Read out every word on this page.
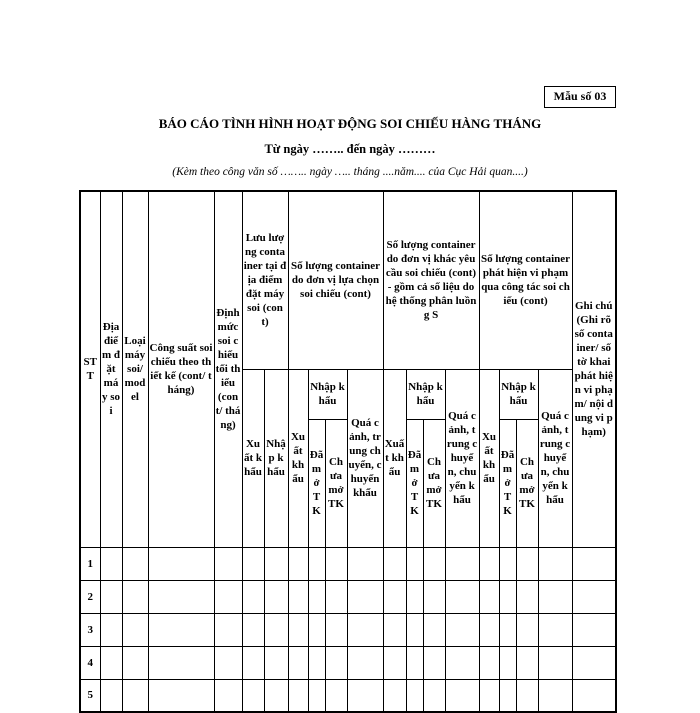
Mẫu số 03
BÁO CÁO TÌNH HÌNH HOẠT ĐỘNG SOI CHIẾU HÀNG THÁNG
Từ ngày …….. đến ngày ………
(Kèm theo công văn số …….. ngày ….. tháng ....năm.... của Cục Hải quan....)
STT	Địa điểm đặt máy soi	Loại máy soi/ model	Công suất soi chiếu theo thiết kế (cont/ tháng)	Định mức soi chiếu tối thiểu (cont/ tháng)	Lưu lượng container tại địa điểm đặt máy soi (cont)		Số lượng container do đơn vị lựa chọn soi chiếu (cont)				Số lượng container do đơn vị khác yêu cầu soi chiếu (cont) - gồm cả số liệu do hệ thống phân luồng S				Số lượng container phát hiện vi phạm qua công tác soi chiếu (cont)				Ghi chú (Ghi rõ số container/ số tờ khai phát hiện vi phạm/ nội dung vi phạm)
					Xuất khẩu	Nhập khẩu	Xuất khẩu	Nhập khẩu		Quá cảnh, trung chuyển, chuyển khẩu	Xuất khẩu	Nhập khẩu		Quá cảnh, trung chuyển, chuyển khẩu	Xuất khẩu	Nhập khẩu		Quá cảnh, trung chuyển, chuyển khẩu	
								Đã mở TK	Chưa mở TK			Đã mở TK	Chưa mở TK			Đã mở TK	Chưa mở TK		
1																			
2																			
3																			
4																			
5																			
